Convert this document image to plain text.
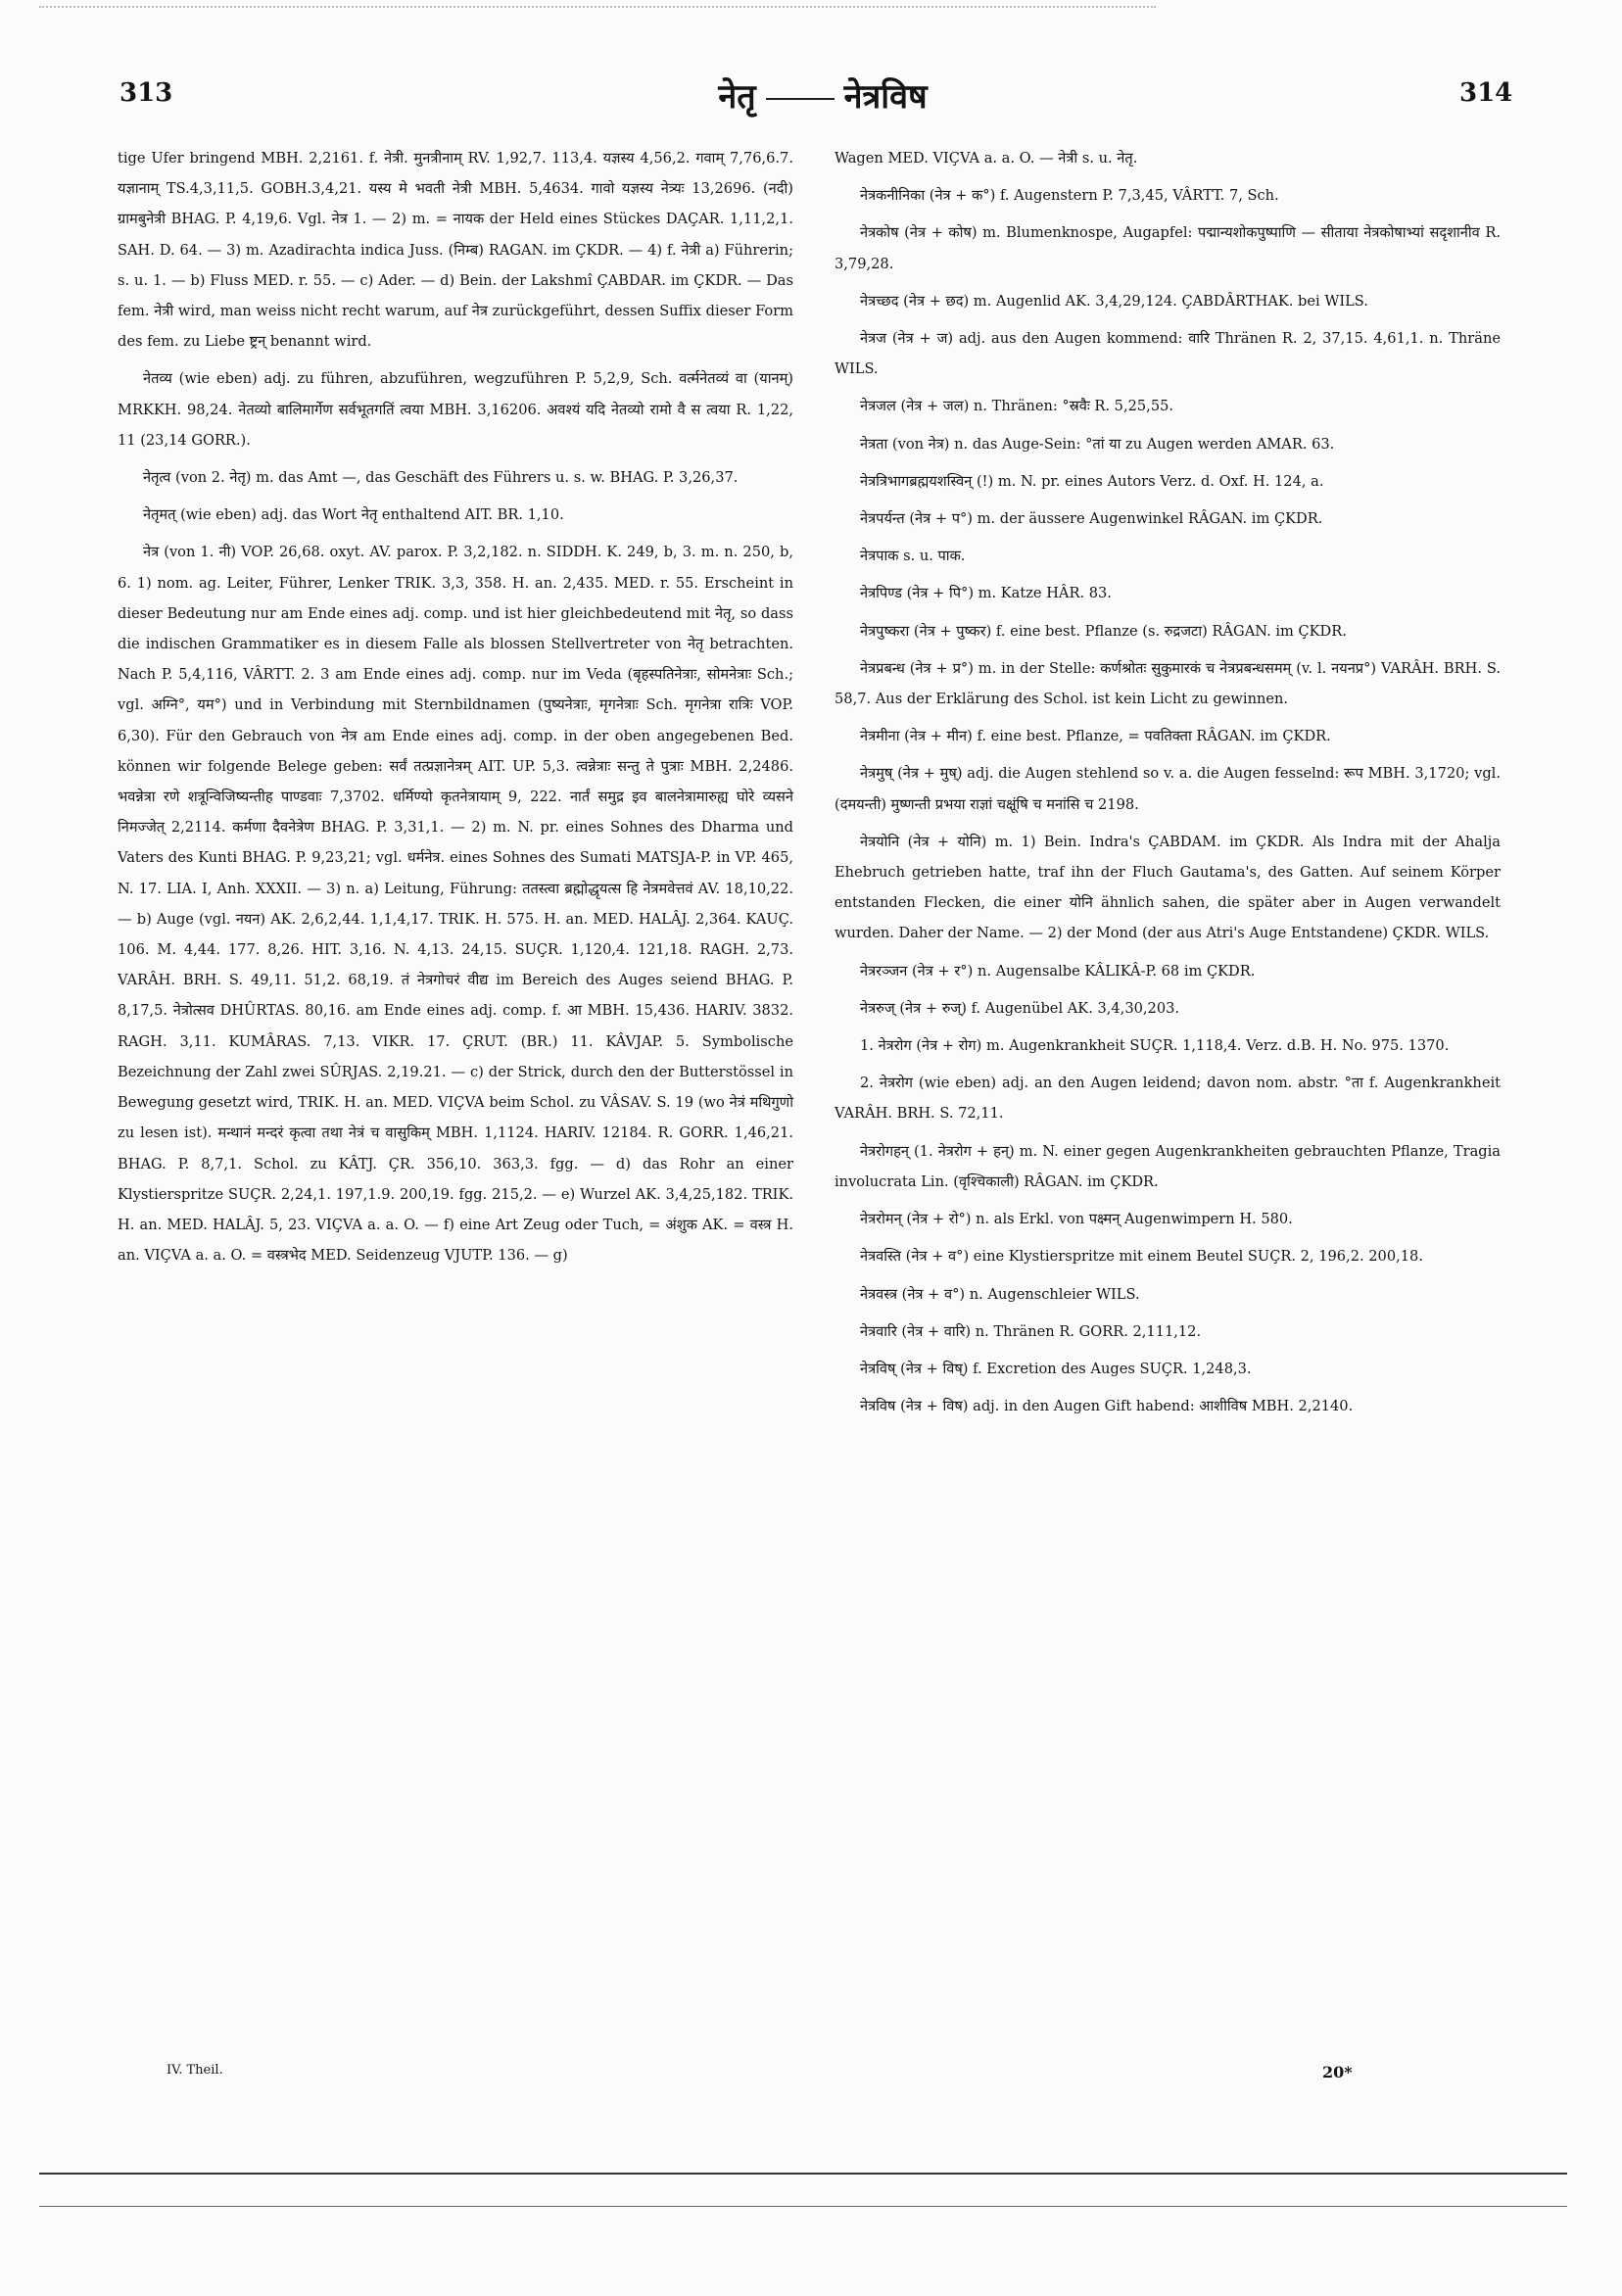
313	नेतृ	नेत्रविष	314

tige Ufer bringend MBH. 2,2161. f. नेत्री. मुनत्रीनाम् RV. 1,92,7. 113,4. यज्ञस्य 4,56,2. गवाम् 7,76,6.7. यज्ञानाम् TS.4,3,11,5. GOBH.3,4,21. यस्य मे भवती नेत्री MBH. 5,4634. गावो यज्ञस्य नेत्र्यः 13,2696. (नदी) ग्रामबुनेत्री BHAG. P. 4,19,6. Vgl. नेत्र 1. — 2) m. = नायक der Held eines Stückes DAÇAR. 1,11,2,1. SAH. D. 64. — 3) m. Azadirachta indica Juss. (निम्ब) RAGAN. im ÇKDR. — 4) f. नेत्री a) Führerin; s. u. 1. — b) Fluss MED. r. 55. — c) Ader. — d) Bein. der Lakshmî ÇABDAR. im ÇKDR. — Das fem. नेत्री wird, man weiss nicht recht warum, auf नेत्र zurückgeführt, dessen Suffix dieser Form des fem. zu Liebe ष्ट्रन् benannt wird.

नेतव्य (wie eben) adj. zu führen, abzuführen, wegzuführen P. 5,2,9, Sch. वर्त्मनेतव्यं वा (यानम्) MRKKH. 98,24. नेतव्यो बालिमार्गेण सर्वभूतगतिं त्वया MBH. 3,16206. अवश्यं यदि नेतव्यो रामो वै स त्वया R. 1,22, 11 (23,14 GORR.).

नेतृत्व (von 2. नेतृ) m. das Amt —, das Geschäft des Führers u. s. w. BHAG. P. 3,26,37.

नेतृमत् (wie eben) adj. das Wort नेतृ enthaltend AIT. BR. 1,10.

नेत्र (von 1. नी) VOP. 26,68. oxyt. AV. parox. P. 3,2,182. n. SIDDH. K. 249, b, 3. m. n. 250, b, 6. 1) nom. ag. Leiter, Führer, Lenker TRIK. 3,3, 358. H. an. 2,435. MED. r. 55. Erscheint in dieser Bedeutung nur am Ende eines adj. comp. und ist hier gleichbedeutend mit नेतृ, so dass die indischen Grammatiker es in diesem Falle als blossen Stellvertreter von नेतृ betrachten. Nach P. 5,4,116, VÂRTT. 2. 3 am Ende eines adj. comp. nur im Veda (बृहस्पतिनेत्राः, सोमनेत्राः Sch.; vgl. अग्नि°, यम°) und in Verbindung mit Sternbildnamen (पुष्यनेत्राः, मृगनेत्राः Sch. मृगनेत्रा रात्रिः VOP. 6,30). Für den Gebrauch von नेत्र am Ende eines adj. comp. in der oben angegebenen Bed. können wir folgende Belege geben: सर्वं तत्प्रज्ञानेत्रम् AIT. UP. 5,3. त्वन्नेत्राः सन्तु ते पुत्राः MBH. 2,2486. भवन्नेत्रा रणे शत्रून्विजिष्यन्तीह पाण्डवाः 7,3702. धर्मिण्यो कृतनेत्रायाम् 9, 222. नार्तं समुद्र इव बालनेत्रामारुह्य घोरे व्यसने निमज्जेत् 2,2114. कर्मणा दैवनेत्रेण BHAG. P. 3,31,1. — 2) m. N. pr. eines Sohnes des Dharma und Vaters des Kunti BHAG. P. 9,23,21; vgl. धर्मनेत्र. eines Sohnes des Sumati MATSJA-P. in VP. 465, N. 17. LIA. I, Anh. XXXII. — 3) n. a) Leitung, Führung: ततस्त्वा ब्रह्मोद्धृयत्स हि नेत्रमवेत्तवं AV. 18,10,22. — b) Auge (vgl. नयन) AK. 2,6,2,44. 1,1,4,17. TRIK. H. 575. H. an. MED. HALÂJ. 2,364. KAUÇ. 106. M. 4,44. 177. 8,26. HIT. 3,16. N. 4,13. 24,15. SUÇR. 1,120,4. 121,18. RAGH. 2,73. VARÂH. BRH. S. 49,11. 51,2. 68,19. तं नेत्रगोचरं वीद्य im Bereich des Auges seiend BHAG. P. 8,17,5. नेत्रोत्सव DHÛRTAS. 80,16. am Ende eines adj. comp. f. आ MBH. 15,436. HARIV. 3832. RAGH. 3,11. KUMÂRAS. 7,13. VIKR. 17. ÇRUT. (BR.) 11. KÂVJAP. 5. Symbolische Bezeichnung der Zahl zwei SÛRJAS. 2,19.21. — c) der Strick, durch den der Butterstössel in Bewegung gesetzt wird, TRIK. H. an. MED. VIÇVA beim Schol. zu VÂSAV. S. 19 (wo नेत्रं मथिगुणो zu lesen ist). मन्थानं मन्दरं कृत्वा तथा नेत्रं च वासुकिम् MBH. 1,1124. HARIV. 12184. R. GORR. 1,46,21. BHAG. P. 8,7,1. Schol. zu KÂTJ. ÇR. 356,10. 363,3. fgg. — d) das Rohr an einer Klystierspritze SUÇR. 2,24,1. 197,1.9. 200,19. fgg. 215,2. — e) Wurzel AK. 3,4,25,182. TRIK. H. an. MED. HALÂJ. 5, 23. VIÇVA a. a. O. — f) eine Art Zeug oder Tuch, = अंशुक AK. = वस्त्र H. an. VIÇVA a. a. O. = वस्त्रभेद MED. Seidenzeug VJUTP. 136. — g)

Wagen MED. VIÇVA a. a. O. — नेत्री s. u. नेतृ.

नेत्रकनीनिका (नेत्र + क°) f. Augenstern P. 7,3,45, VÂRTT. 7, Sch.

नेत्रकोष (नेत्र + कोष) m. Blumenknospe, Augapfel: पद्मान्यशोकपुष्पाणि — सीताया नेत्रकोषाभ्यां सदृशानीव R. 3,79,28.

नेत्रच्छद (नेत्र + छद) m. Augenlid AK. 3,4,29,124. ÇABDÂRTHAK. bei WILS.

नेत्रज (नेत्र + ज) adj. aus den Augen kommend: वारि Thränen R. 2, 37,15. 4,61,1. n. Thräne WILS.

नेत्रजल (नेत्र + जल) n. Thränen: °स्रवैः R. 5,25,55.

नेत्रता (von नेत्र) n. das Auge-Sein: °तां या zu Augen werden AMAR. 63.

नेत्रत्रिभागब्रह्मयशस्विन् (!) m. N. pr. eines Autors Verz. d. Oxf. H. 124, a.

नेत्रपर्यन्त (नेत्र + प°) m. der äussere Augenwinkel RÂGAN. im ÇKDR.

नेत्रपाक s. u. पाक.

नेत्रपिण्ड (नेत्र + पि°) m. Katze HÂR. 83.

नेत्रपुष्करा (नेत्र + पुष्कर) f. eine best. Pflanze (s. रुद्रजटा) RÂGAN. im ÇKDR.

नेत्रप्रबन्ध (नेत्र + प्र°) m. in der Stelle: कर्णश्रोतः सुकुमारकं च नेत्रप्रबन्धसमम् (v. l. नयनप्र°) VARÂH. BRH. S. 58,7. Aus der Erklärung des Schol. ist kein Licht zu gewinnen.

नेत्रमीना (नेत्र + मीन) f. eine best. Pflanze, = पवतिक्ता RÂGAN. im ÇKDR.

नेत्रमुष् (नेत्र + मुष्) adj. die Augen stehlend so v. a. die Augen fesselnd: रूप MBH. 3,1720; vgl. (दमयन्ती) मुष्णन्ती प्रभया राज्ञां चक्षूंषि च मनांसि च 2198.

नेत्रयोनि (नेत्र + योनि) m. 1) Bein. Indra's ÇABDAM. im ÇKDR. Als Indra mit der Ahalja Ehebruch getrieben hatte, traf ihn der Fluch Gautama's, des Gatten. Auf seinem Körper entstanden Flecken, die einer योनि ähnlich sahen, die später aber in Augen verwandelt wurden. Daher der Name. — 2) der Mond (der aus Atri's Auge Entstandene) ÇKDR. WILS.

नेत्ररञ्जन (नेत्र + र°) n. Augensalbe KÂLIKÂ-P. 68 im ÇKDR.

नेत्ररुज् (नेत्र + रुज्) f. Augenübel AK. 3,4,30,203.

1. नेत्ररोग (नेत्र + रोग) m. Augenkrankheit SUÇR. 1,118,4. Verz. d.B. H. No. 975. 1370.

2. नेत्ररोग (wie eben) adj. an den Augen leidend; davon nom. abstr. °ता f. Augenkrankheit VARÂH. BRH. S. 72,11.

नेत्ररोगहन् (1. नेत्ररोग + हन्) m. N. einer gegen Augenkrankheiten gebrauchten Pflanze, Tragia involucrata Lin. (वृश्चिकाली) RÂGAN. im ÇKDR.

नेत्ररोमन् (नेत्र + रो°) n. als Erkl. von पक्ष्मन् Augenwimpern H. 580.

नेत्रवस्ति (नेत्र + व°) eine Klystierspritze mit einem Beutel SUÇR. 2, 196,2. 200,18.

नेत्रवस्त्र (नेत्र + व°) n. Augenschleier WILS.

नेत्रवारि (नेत्र + वारि) n. Thränen R. GORR. 2,111,12.

नेत्रविष् (नेत्र + विष्) f. Excretion des Auges SUÇR. 1,248,3.

नेत्रविष (नेत्र + विष) adj. in den Augen Gift habend: आशीविष MBH. 2,2140.

IV. Theil.	20*
